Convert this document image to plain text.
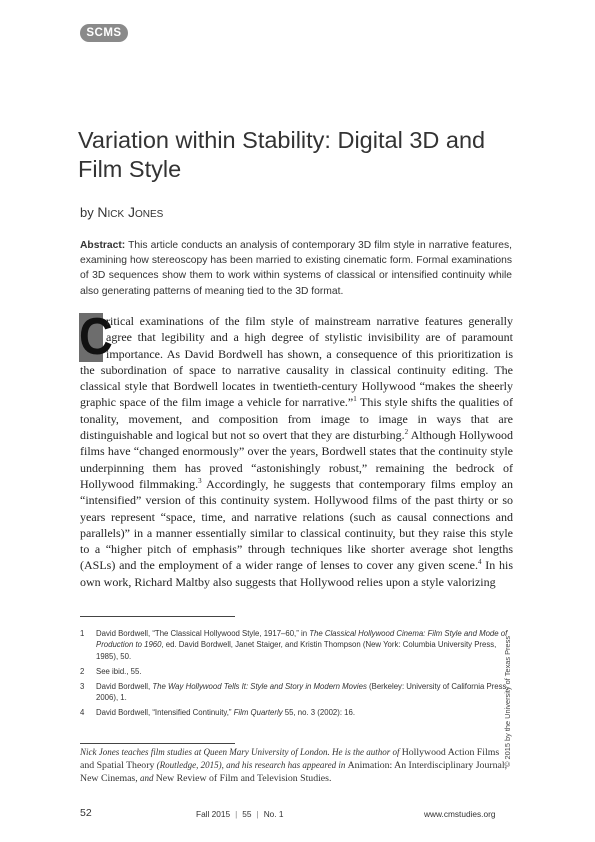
SCMS
Variation within Stability: Digital 3D and Film Style
by Nick Jones

Abstract: This article conducts an analysis of contemporary 3D film style in narrative features, examining how stereoscopy has been married to existing cinematic form. Formal examinations of 3D sequences show them to work within systems of classical or intensified continuity while also generating patterns of meaning tied to the 3D format.

C

ritical examinations of the film style of mainstream narrative features generally agree that legibility and a high degree of stylistic invisibility are of paramount importance. As David Bordwell has shown, a consequence of this prioritization is the subordination of space to narrative causality in classical continuity editing. The classical style that Bordwell locates in twentieth-century Hollywood “makes the sheerly graphic space of the film image a vehicle for narrative.”$^1$ This style shifts the qualities of tonality, movement, and composition from image to image in ways that are distinguishable and logical but not so overt that they are disturbing.$^2$ Although Hollywood films have “changed enormously” over the years, Bordwell states that the continuity style underpinning them has proved “astonishingly robust,” remaining the bedrock of Hollywood filmmaking.$^3$ Accordingly, he suggests that contemporary films employ an “intensified” version of this continuity system. Hollywood films of the past thirty or so years represent “space, time, and narrative relations (such as causal connections and parallels)” in a manner essentially similar to classical continuity, but they raise this style to a “higher pitch of emphasis” through techniques like shorter average shot lengths (ASLs) and the employment of a wider range of lenses to cover any given scene.$^4$ In his own work, Richard Maltby also suggests that Hollywood relies upon a style valorizing

1 David Bordwell, “The Classical Hollywood Style, 1917–60,” in The Classical Hollywood Cinema: Film Style and Mode of Production to 1960, ed. David Bordwell, Janet Staiger, and Kristin Thompson (New York: Columbia University Press, 1985), 50.
2 See ibid., 55.
3 David Bordwell, The Way Hollywood Tells It: Style and Story in Modern Movies (Berkeley: University of California Press, 2006), 1.
4 David Bordwell, “Intensified Continuity,” Film Quarterly 55, no. 3 (2002): 16.

Nick Jones teaches film studies at Queen Mary University of London. He is the author of Hollywood Action Films and Spatial Theory (Routledge, 2015), and his research has appeared in Animation: An Interdisciplinary Journal, New Cinemas, and New Review of Film and Television Studies.

© 2015 by the University of Texas Press
52	Fall 2015 | 55 | No. 1	www.cmstudies.org
